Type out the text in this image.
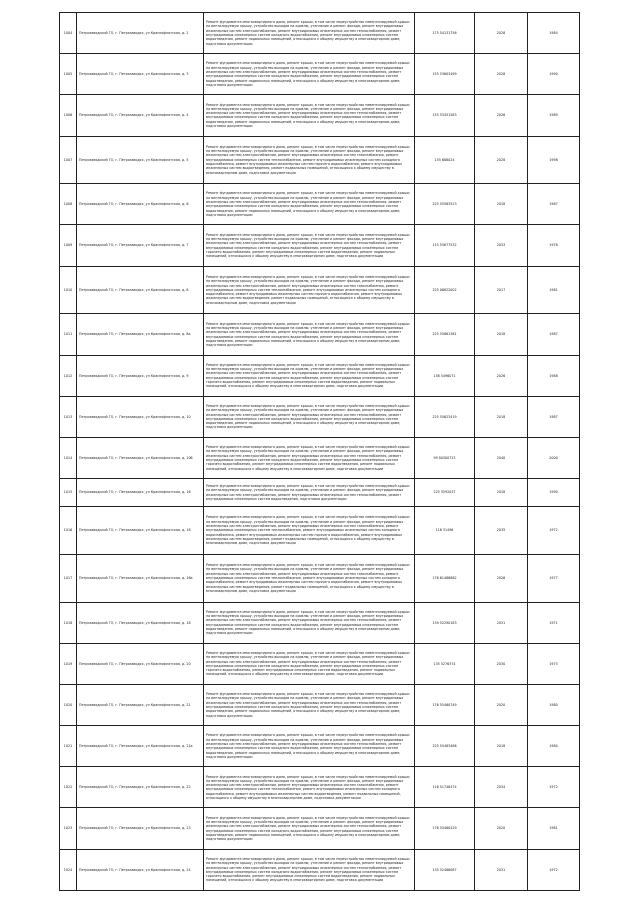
1004	Петрозаводский ГО, г. Петрозаводск, ул Краснофлотская, д. 2	Ремонт фундамента многоквартирного дома, ремонт крыши, в том числе переустройство невентилируемой крыши на вентилируемую крышу, устройство выходов на кровлю, утепление и ремонт фасада, ремонт внутридомовых инженерных систем электроснабжения, ремонт внутридомовых инженерных систем теплоснабжения, ремонт внутридомовых инженерных систем холодного водоснабжения, ремонт внутридомовых инженерных систем водоотведения, ремонт подвальных помещений, относящихся к общему имуществу в многоквартирном доме, подготовка документации	175 54131756	2028	1984
1005	Петрозаводский ГО, г. Петрозаводск, ул Краснофлотская, д. 3	Ремонт фундамента многоквартирного дома, ремонт крыши, в том числе переустройство невентилируемой крыши на вентилируемую крышу, устройство выходов на кровлю, утепление и ремонт фасада, ремонт внутридомовых инженерных систем электроснабжения, ремонт внутридомовых инженерных систем теплоснабжения, ремонт внутридомовых инженерных систем холодного водоснабжения, ремонт внутридомовых инженерных систем водоотведения, ремонт подвальных помещений, относящихся к общему имуществу в многоквартирном доме, подготовка документации	155 53603499	2028	1990
1006	Петрозаводский ГО, г. Петрозаводск, ул Краснофлотская, д. 4	Ремонт фундамента многоквартирного дома, ремонт крыши, в том числе переустройство невентилируемой крыши на вентилируемую крышу, устройство выходов на кровлю, утепление и ремонт фасада, ремонт внутридомовых инженерных систем электроснабжения, ремонт внутридомовых инженерных систем теплоснабжения, ремонт внутридомовых инженерных систем холодного водоснабжения, ремонт внутридомовых инженерных систем водоотведения, ремонт подвальных помещений, относящихся к общему имуществу в многоквартирном доме, подготовка документации	155 53451583	2026	1989
1007	Петрозаводский ГО, г. Петрозаводск, ул Краснофлотская, д. 5	Ремонт фундамента многоквартирного дома, ремонт крыши, в том числе переустройство невентилируемой крыши на вентилируемую крышу, устройство выходов на кровлю, утепление и ремонт фасада, ремонт внутридомовых инженерных систем электроснабжения, ремонт внутридомовых инженерных систем газоснабжения, ремонт внутридомовых инженерных систем теплоснабжения, ремонт внутридомовых инженерных систем холодного водоснабжения, ремонт внутридомовых инженерных систем горячего водоснабжения, ремонт внутридомовых инженерных систем водоотведения, ремонт подвальных помещений, относящихся к общему имуществу в многоквартирном доме, подготовка документации	155 688024	2028	1998
1008	Петрозаводский ГО, г. Петрозаводск, ул Краснофлотская, д. 6	Ремонт фундамента многоквартирного дома, ремонт крыши, в том числе переустройство невентилируемой крыши на вентилируемую крышу, устройство выходов на кровлю, утепление и ремонт фасада, ремонт внутридомовых инженерных систем электроснабжения, ремонт внутридомовых инженерных систем теплоснабжения, ремонт внутридомовых инженерных систем холодного водоснабжения, ремонт внутридомовых инженерных систем водоотведения, ремонт подвальных помещений, относящихся к общему имуществу в многоквартирном доме, подготовка документации	225 55563523	2018	1987
1009	Петрозаводский ГО, г. Петрозаводск, ул Краснофлотская, д. 7	Ремонт фундамента многоквартирного дома, ремонт крыши, в том числе переустройство невентилируемой крыши на вентилируемую крышу, устройство выходов на кровлю, утепление и ремонт фасада, ремонт внутридомовых инженерных систем электроснабжения, ремонт внутридомовых инженерных систем теплоснабжения, ремонт внутридомовых инженерных систем холодного водоснабжения, ремонт внутридомовых инженерных систем горячего водоснабжения, ремонт внутридомовых инженерных систем водоотведения, ремонт подвальных помещений, относящихся к общему имуществу в многоквартирном доме, подготовка документации	115 55677532	2033	1978
1010	Петрозаводский ГО, г. Петрозаводск, ул Краснофлотская, д. 8	Ремонт фундамента многоквартирного дома, ремонт крыши, в том числе переустройство невентилируемой крыши на вентилируемую крышу, устройство выходов на кровлю, утепление и ремонт фасада, ремонт внутридомовых инженерных систем электроснабжения, ремонт внутридомовых инженерных систем газоснабжения, ремонт внутридомовых инженерных систем теплоснабжения, ремонт внутридомовых инженерных систем холодного водоснабжения, ремонт внутридомовых инженерных систем горячего водоснабжения, ремонт внутридомовых инженерных систем водоотведения, ремонт подвальных помещений, относящихся к общему имуществу в многоквартирном доме, подготовка документации	225 06622002	2017	1981
1011	Петрозаводский ГО, г. Петрозаводск, ул Краснофлотская, д. 8а	Ремонт фундамента многоквартирного дома, ремонт крыши, в том числе переустройство невентилируемой крыши на вентилируемую крышу, устройство выходов на кровлю, утепление и ремонт фасада, ремонт внутридомовых инженерных систем электроснабжения, ремонт внутридомовых инженерных систем теплоснабжения, ремонт внутридомовых инженерных систем холодного водоснабжения, ремонт внутридомовых инженерных систем водоотведения, ремонт подвальных помещений, относящихся к общему имуществу в многоквартирном доме, подготовка документации	225 55661361	2018	1987
1012	Петрозаводский ГО, г. Петрозаводск, ул Краснофлотская, д. 9	Ремонт фундамента многоквартирного дома, ремонт крыши, в том числе переустройство невентилируемой крыши на вентилируемую крышу, устройство выходов на кровлю, утепление и ремонт фасада, ремонт внутридомовых инженерных систем электроснабжения, ремонт внутридомовых инженерных систем теплоснабжения, ремонт внутридомовых инженерных систем холодного водоснабжения, ремонт внутридомовых инженерных систем горячего водоснабжения, ремонт внутридомовых инженерных систем водоотведения, ремонт подвальных помещений, относящихся к общему имуществу в многоквартирном доме, подготовка документации	158 5496071	2026	1988
1013	Петрозаводский ГО, г. Петрозаводск, ул Краснофлотская, д. 10	Ремонт фундамента многоквартирного дома, ремонт крыши, в том числе переустройство невентилируемой крыши на вентилируемую крышу, устройство выходов на кровлю, утепление и ремонт фасада, ремонт внутридомовых инженерных систем электроснабжения, ремонт внутридомовых инженерных систем теплоснабжения, ремонт внутридомовых инженерных систем холодного водоснабжения, ремонт внутридомовых инженерных систем водоотведения, ремонт подвальных помещений, относящихся к общему имуществу в многоквартирном доме, подготовка документации	225 55623419	2018	1987
1014	Петрозаводский ГО, г. Петрозаводск, ул Краснофлотская, д. 10б	Ремонт фундамента многоквартирного дома, ремонт крыши, в том числе переустройство невентилируемой крыши на вентилируемую крышу, устройство выходов на кровлю, утепление и ремонт фасада, ремонт внутридомовых инженерных систем электроснабжения, ремонт внутридомовых инженерных систем теплоснабжения, ремонт внутридомовых инженерных систем холодного водоснабжения, ремонт внутридомовых инженерных систем горячего водоснабжения, ремонт внутридомовых инженерных систем водоотведения, ремонт подвальных помещений, относящихся к общему имуществу в многоквартирном доме, подготовка документации	99 00300723	2040	2000
1015	Петрозаводский ГО, г. Петрозаводск, ул Краснофлотская, д. 16	Ремонт фундамента многоквартирного дома, ремонт крыши, в том числе переустройство невентилируемой крыши на вентилируемую крышу, устройство выходов на кровлю, утепление и ремонт фасада, ремонт внутридомовых инженерных систем электроснабжения, ремонт внутридомовых инженерных систем теплоснабжения, ремонт внутридомовых инженерных систем водоотведения, подготовка документации	225 5592037	2018	1990
1016	Петрозаводский ГО, г. Петрозаводск, ул Краснофлотская, д. 18	Ремонт фундамента многоквартирного дома, ремонт крыши, в том числе переустройство невентилируемой крыши на вентилируемую крышу, устройство выходов на кровлю, утепление и ремонт фасада, ремонт внутридомовых инженерных систем электроснабжения, ремонт внутридомовых инженерных систем газоснабжения, ремонт внутридомовых инженерных систем теплоснабжения, ремонт внутридомовых инженерных систем холодного водоснабжения, ремонт внутридомовых инженерных систем горячего водоснабжения, ремонт внутридомовых инженерных систем водоотведения, ремонт подвальных помещений, относящихся к общему имуществу в многоквартирном доме, подготовка документации	116 31496	2035	1972
1017	Петрозаводский ГО, г. Петрозаводск, ул Краснофлотская, д. 18а	Ремонт фундамента многоквартирного дома, ремонт крыши, в том числе переустройство невентилируемой крыши на вентилируемую крышу, устройство выходов на кровлю, утепление и ремонт фасада, ремонт внутридомовых инженерных систем электроснабжения, ремонт внутридомовых инженерных систем газоснабжения, ремонт внутридомовых инженерных систем теплоснабжения, ремонт внутридомовых инженерных систем холодного водоснабжения, ремонт внутридомовых инженерных систем горячего водоснабжения, ремонт внутридомовых инженерных систем водоотведения, ремонт подвальных помещений, относящихся к общему имуществу в многоквартирном доме, подготовка документации	176 61486862	2026	1977
1018	Петрозаводский ГО, г. Петрозаводск, ул Краснофлотская, д. 18	Ремонт фундамента многоквартирного дома, ремонт крыши, в том числе переустройство невентилируемой крыши на вентилируемую крышу, устройство выходов на кровлю, утепление и ремонт фасада, ремонт внутридомовых инженерных систем электроснабжения, ремонт внутридомовых инженерных систем теплоснабжения, ремонт внутридомовых инженерных систем холодного водоснабжения, ремонт внутридомовых инженерных систем водоотведения, ремонт подвальных помещений, относящихся к общему имуществу в многоквартирном доме, подготовка документации	139 52290183	2031	1971
1019	Петрозаводский ГО, г. Петрозаводск, ул Краснофлотская, д. 20	Ремонт фундамента многоквартирного дома, ремонт крыши, в том числе переустройство невентилируемой крыши на вентилируемую крышу, устройство выходов на кровлю, утепление и ремонт фасада, ремонт внутридомовых инженерных систем электроснабжения, ремонт внутридомовых инженерных систем теплоснабжения, ремонт внутридомовых инженерных систем холодного водоснабжения, ремонт внутридомовых инженерных систем горячего водоснабжения, ремонт внутридомовых инженерных систем водоотведения, ремонт подвальных помещений, относящихся к общему имуществу в многоквартирном доме, подготовка документации	135 5276374	2030	1975
1020	Петрозаводский ГО, г. Петрозаводск, ул Краснофлотская, д. 21	Ремонт фундамента многоквартирного дома, ремонт крыши, в том числе переустройство невентилируемой крыши на вентилируемую крышу, устройство выходов на кровлю, утепление и ремонт фасада, ремонт внутридомовых инженерных систем электроснабжения, ремонт внутридомовых инженерных систем теплоснабжения, ремонт внутридомовых инженерных систем холодного водоснабжения, ремонт внутридомовых инженерных систем водоотведения, ремонт подвальных помещений, относящихся к общему имуществу в многоквартирном доме, подготовка документации	176 55460749	2020	1980
1021	Петрозаводский ГО, г. Петрозаводск, ул Краснофлотская, д. 21а	Ремонт фундамента многоквартирного дома, ремонт крыши, в том числе переустройство невентилируемой крыши на вентилируемую крышу, устройство выходов на кровлю, утепление и ремонт фасада, ремонт внутридомовых инженерных систем электроснабжения, ремонт внутридомовых инженерных систем теплоснабжения, ремонт внутридомовых инженерных систем холодного водоснабжения, ремонт внутридомовых инженерных систем водоотведения, ремонт подвальных помещений, относящихся к общему имуществу в многоквартирном доме, подготовка документации	225 55483486	2018	1980
1022	Петрозаводский ГО, г. Петрозаводск, ул Краснофлотская, д. 22	Ремонт фундамента многоквартирного дома, ремонт крыши, в том числе переустройство невентилируемой крыши на вентилируемую крышу, устройство выходов на кровлю, утепление и ремонт фасада, ремонт внутридомовых инженерных систем электроснабжения, ремонт внутридомовых инженерных систем газоснабжения, ремонт внутридомовых инженерных систем теплоснабжения, ремонт внутридомовых инженерных систем холодного водоснабжения, ремонт внутридомовых инженерных систем водоотведения, ремонт подвальных помещений, относящихся к общему имуществу в многоквартирном доме, подготовка документации	116 51748474	2034	1972
1023	Петрозаводский ГО, г. Петрозаводск, ул Краснофлотская, д. 23	Ремонт фундамента многоквартирного дома, ремонт крыши, в том числе переустройство невентилируемой крыши на вентилируемую крышу, устройство выходов на кровлю, утепление и ремонт фасада, ремонт внутридомовых инженерных систем электроснабжения, ремонт внутридомовых инженерных систем теплоснабжения, ремонт внутридомовых инженерных систем холодного водоснабжения, ремонт внутридомовых инженерных систем водоотведения, ремонт подвальных помещений, относящихся к общему имуществу в многоквартирном доме, подготовка документации	176 55460429	2020	1981
1024	Петрозаводский ГО, г. Петрозаводск, ул Краснофлотская, д. 24	Ремонт фундамента многоквартирного дома, ремонт крыши, в том числе переустройство невентилируемой крыши на вентилируемую крышу, устройство выходов на кровлю, утепление и ремонт фасада, ремонт внутридомовых инженерных систем электроснабжения, ремонт внутридомовых инженерных систем теплоснабжения, ремонт внутридомовых инженерных систем холодного водоснабжения, ремонт внутридомовых инженерных систем горячего водоснабжения, ремонт внутридомовых инженерных систем водоотведения, ремонт подвальных помещений, относящихся к общему имуществу в многоквартирном доме, подготовка документации	135 52486087	2031	1972
